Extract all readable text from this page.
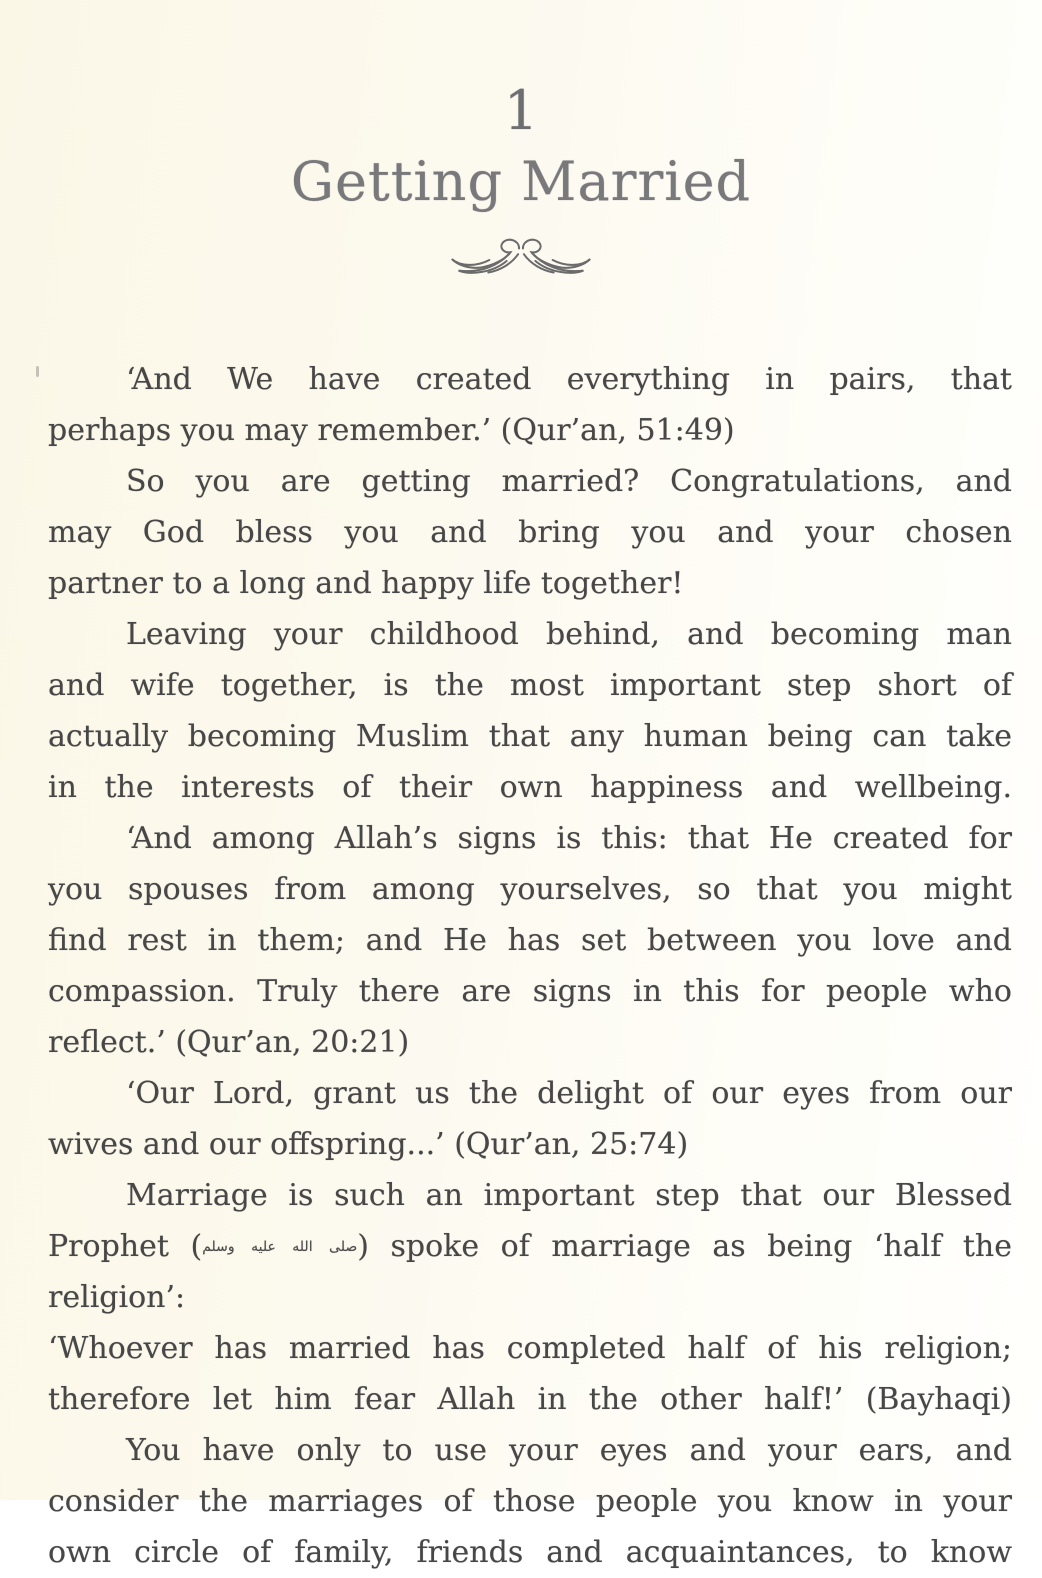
1
Getting Married

‘And We have created everything in pairs, that
perhaps you may remember.’ (Qur’an, 51:49)

So you are getting married? Congratulations, and
may God bless you and bring you and your chosen
partner to a long and happy life together!

Leaving your childhood behind, and becoming man
and wife together, is the most important step short of
actually becoming Muslim that any human being can take
in the interests of their own happiness and wellbeing.

‘And among Allah’s signs is this: that He created for
you spouses from among yourselves, so that you might
find rest in them; and He has set between you love and
compassion. Truly there are signs in this for people who
reflect.’ (Qur’an, 20:21)

‘Our Lord, grant us the delight of our eyes from our
wives and our offspring...’ (Qur’an, 25:74)

Marriage is such an important step that our Blessed
Prophet (صلى الله عليه وسلم) spoke of marriage as being ‘half the religion’:
‘Whoever has married has completed half of his religion;
therefore let him fear Allah in the other half!’ (Bayhaqi)

You have only to use your eyes and your ears, and
consider the marriages of those people you know in your
own circle of family, friends and acquaintances, to know
